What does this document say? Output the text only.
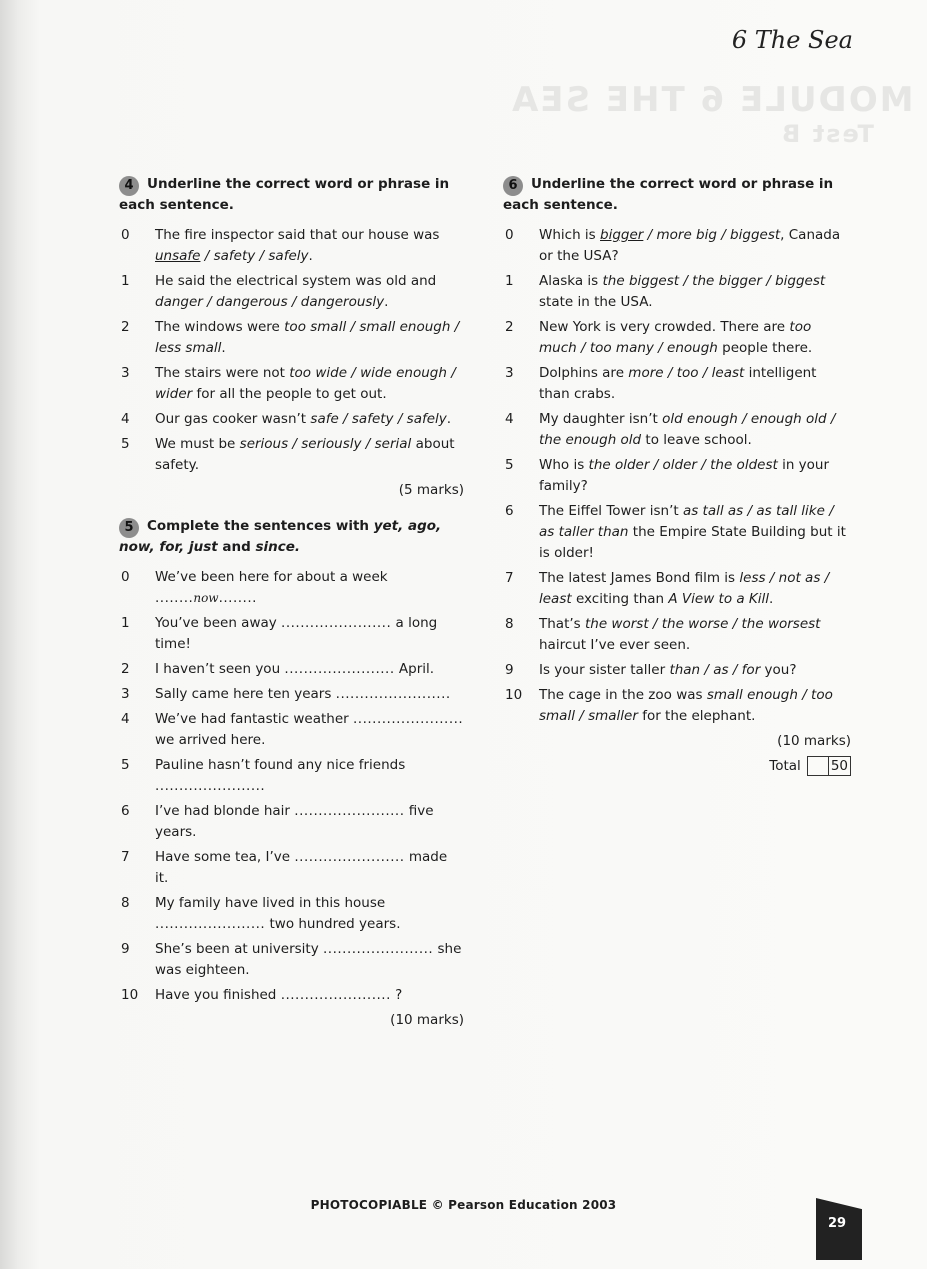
MODULE 6 THE SEA
Test B
6 The Sea
4 Underline the correct word or phrase in each sentence.
0	The fire inspector said that our house was unsafe / safety / safely.
1	He said the electrical system was old and danger / dangerous / dangerously.
2	The windows were too small / small enough / less small.
3	The stairs were not too wide / wide enough / wider for all the people to get out.
4	Our gas cooker wasn’t safe / safety / safely.
5	We must be serious / seriously / serial about safety.
(5 marks)
5 Complete the sentences with yet, ago, now, for, just and since.
0	We’ve been here for about a week ........now........
1	You’ve been away ....................... a long time!
2	I haven’t seen you ....................... April.
3	Sally came here ten years ........................
4	We’ve had fantastic weather ....................... we arrived here.
5	Pauline hasn’t found any nice friends .......................
6	I’ve had blonde hair ....................... five years.
7	Have some tea, I’ve ....................... made it.
8	My family have lived in this house ....................... two hundred years.
9	She’s been at university ....................... she was eighteen.
10	Have you finished ....................... ?
(10 marks)
6 Underline the correct word or phrase in each sentence.
0	Which is bigger / more big / biggest, Canada or the USA?
1	Alaska is the biggest / the bigger / biggest state in the USA.
2	New York is very crowded. There are too much / too many / enough people there.
3	Dolphins are more / too / least intelligent than crabs.
4	My daughter isn’t old enough / enough old / the enough old to leave school.
5	Who is the older / older / the oldest in your family?
6	The Eiffel Tower isn’t as tall as / as tall like / as taller than the Empire State Building but it is older!
7	The latest James Bond film is less / not as / least exciting than A View to a Kill.
8	That’s the worst / the worse / the worsest haircut I’ve ever seen.
9	Is your sister taller than / as / for you?
10	The cage in the zoo was small enough / too small / smaller for the elephant.
(10 marks)
Total 50
PHOTOCOPIABLE © Pearson Education 2003
29
